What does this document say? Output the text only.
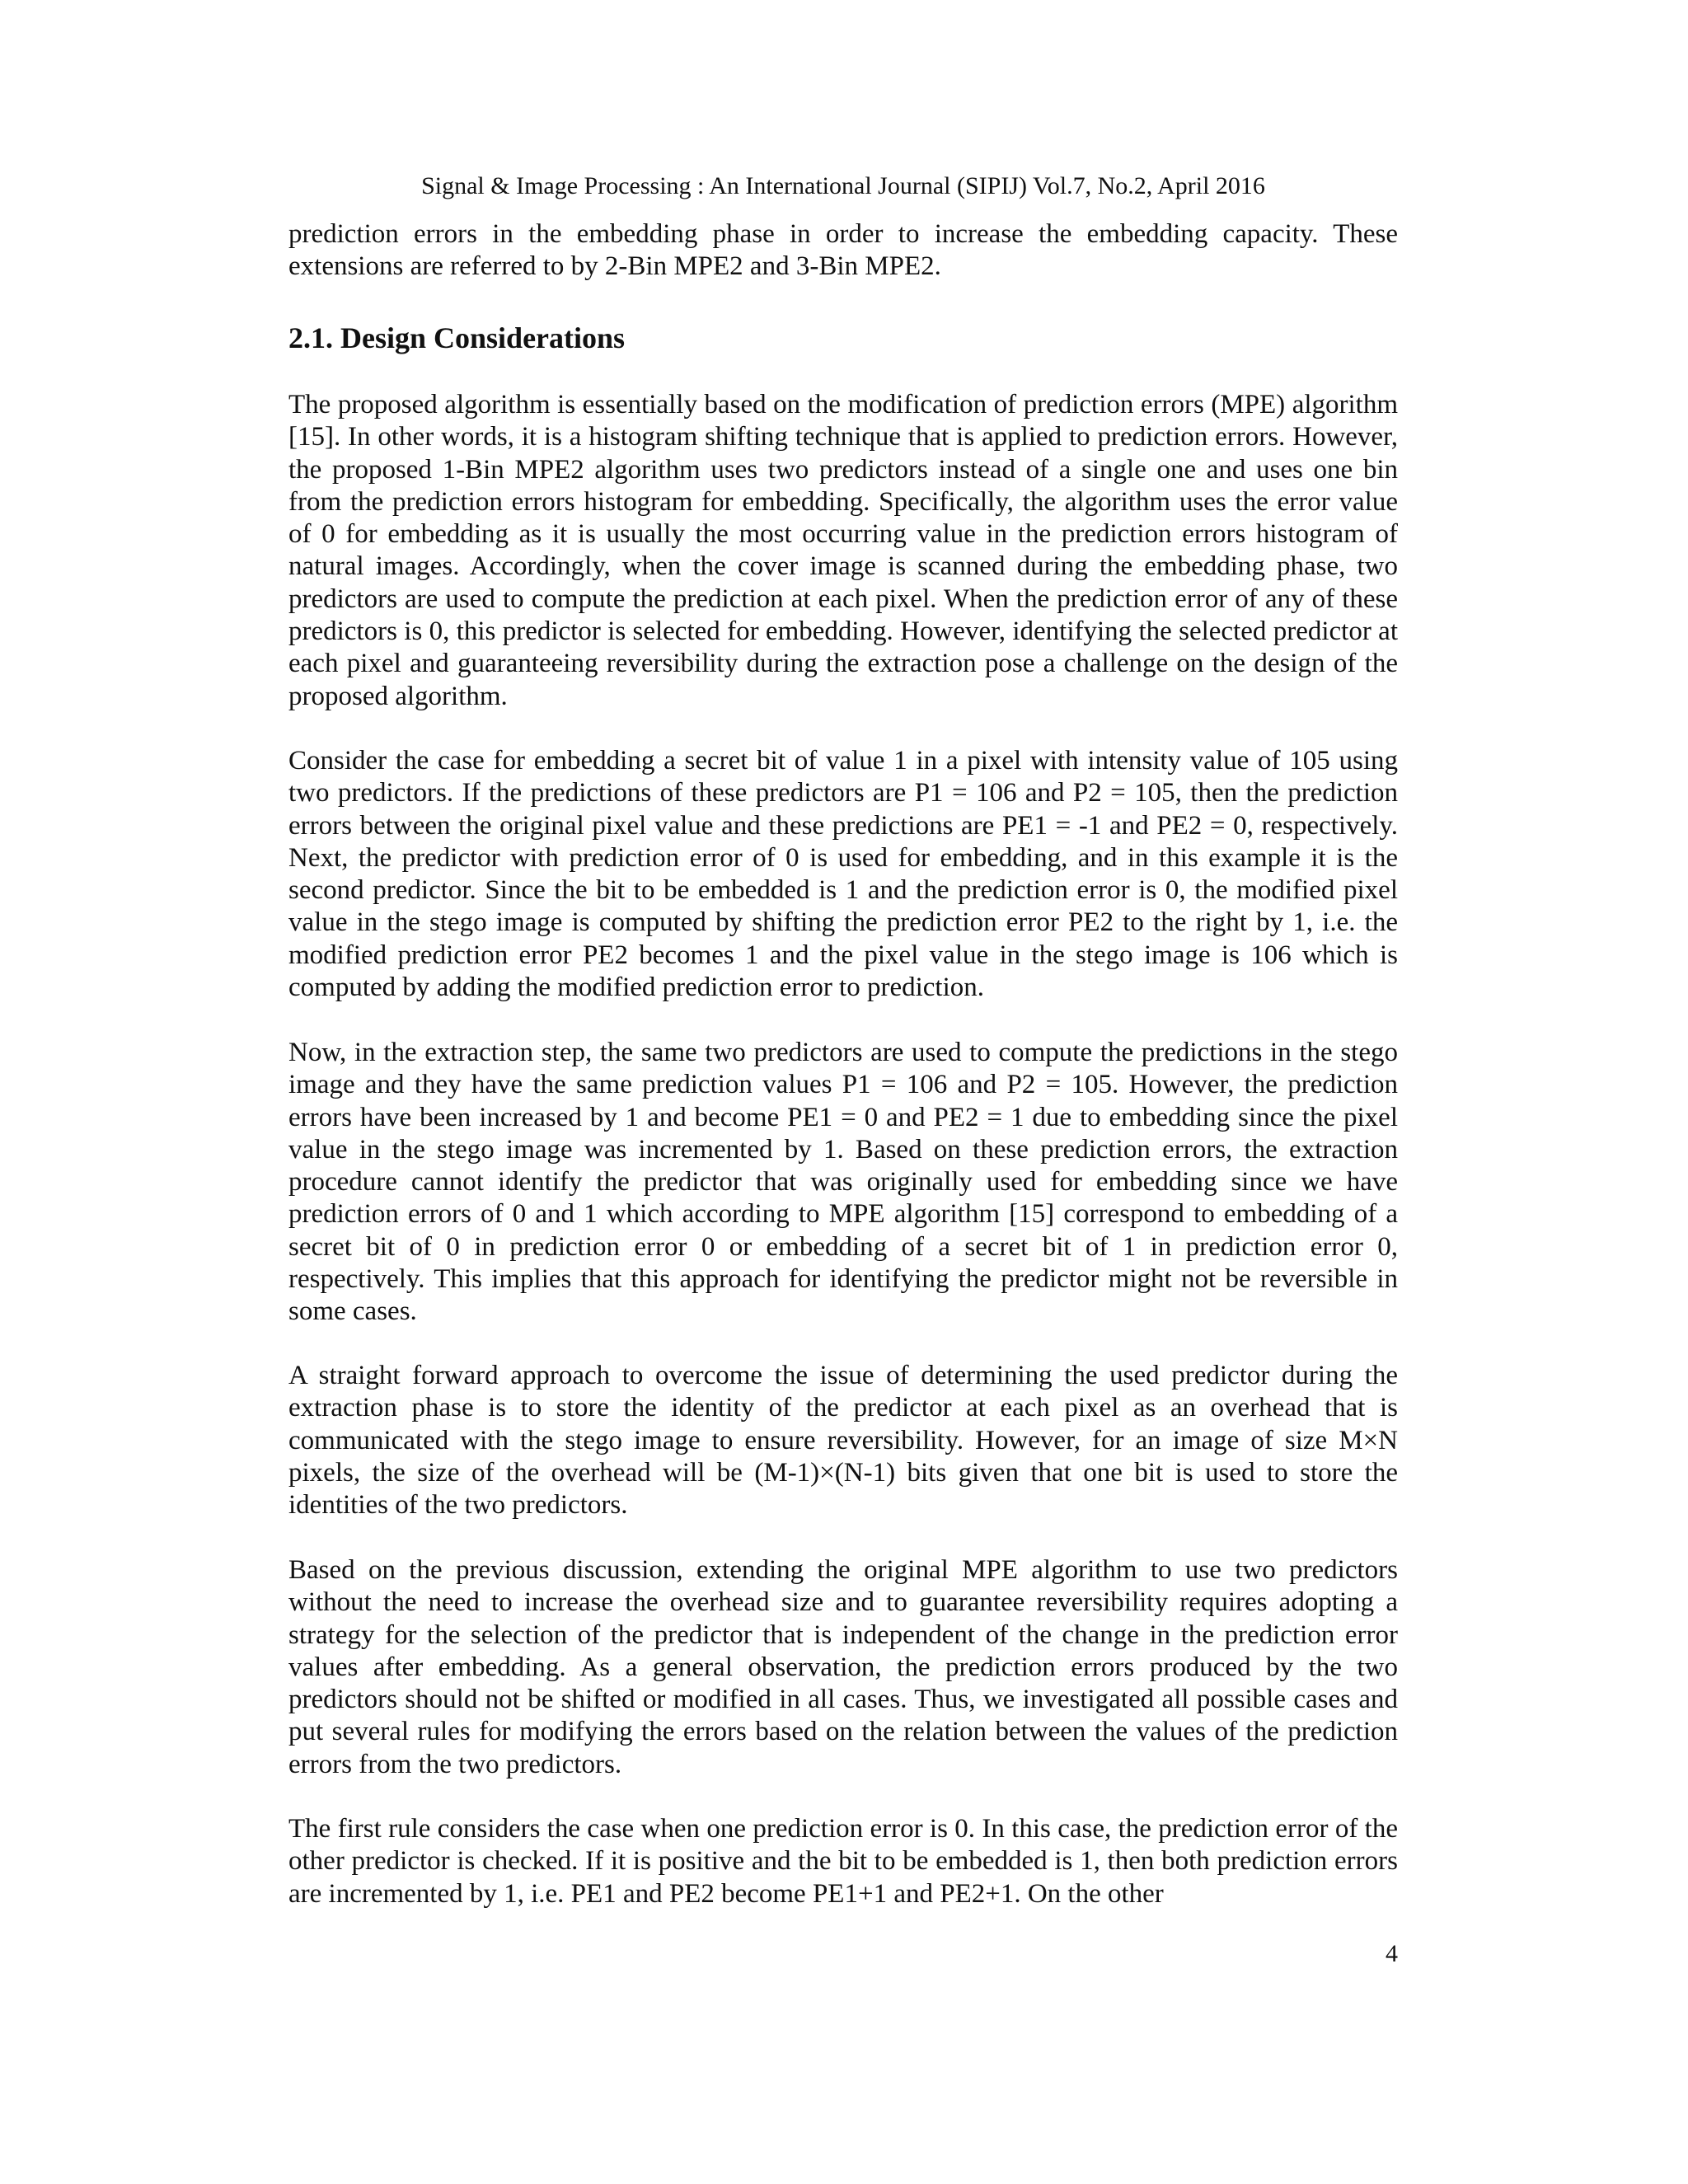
Signal & Image Processing : An International Journal (SIPIJ) Vol.7, No.2, April 2016

prediction errors in the embedding phase in order to increase the embedding capacity. These extensions are referred to by 2-Bin MPE2 and 3-Bin MPE2.

2.1. Design Considerations

The proposed algorithm is essentially based on the modification of prediction errors (MPE) algorithm [15]. In other words, it is a histogram shifting technique that is applied to prediction errors. However, the proposed 1-Bin MPE2 algorithm uses two predictors instead of a single one and uses one bin from the prediction errors histogram for embedding. Specifically, the algorithm uses the error value of 0 for embedding as it is usually the most occurring value in the prediction errors histogram of natural images. Accordingly, when the cover image is scanned during the embedding phase, two predictors are used to compute the prediction at each pixel. When the prediction error of any of these predictors is 0, this predictor is selected for embedding. However, identifying the selected predictor at each pixel and guaranteeing reversibility during the extraction pose a challenge on the design of the proposed algorithm.

Consider the case for embedding a secret bit of value 1 in a pixel with intensity value of 105 using two predictors. If the predictions of these predictors are P1 = 106 and P2 = 105, then the prediction errors between the original pixel value and these predictions are PE1 = -1 and PE2 = 0, respectively. Next, the predictor with prediction error of 0 is used for embedding, and in this example it is the second predictor. Since the bit to be embedded is 1 and the prediction error is 0, the modified pixel value in the stego image is computed by shifting the prediction error PE2 to the right by 1, i.e. the modified prediction error PE2 becomes 1 and the pixel value in the stego image is 106 which is computed by adding the modified prediction error to prediction.

Now, in the extraction step, the same two predictors are used to compute the predictions in the stego image and they have the same prediction values P1 = 106 and P2 = 105. However, the prediction errors have been increased by 1 and become PE1 = 0 and PE2 = 1 due to embedding since the pixel value in the stego image was incremented by 1. Based on these prediction errors, the extraction procedure cannot identify the predictor that was originally used for embedding since we have prediction errors of 0 and 1 which according to MPE algorithm [15] correspond to embedding of a secret bit of 0 in prediction error 0 or embedding of a secret bit of 1 in prediction error 0, respectively. This implies that this approach for identifying the predictor might not be reversible in some cases.

A straight forward approach to overcome the issue of determining the used predictor during the extraction phase is to store the identity of the predictor at each pixel as an overhead that is communicated with the stego image to ensure reversibility. However, for an image of size M×N pixels, the size of the overhead will be (M-1)×(N-1) bits given that one bit is used to store the identities of the two predictors.

Based on the previous discussion, extending the original MPE algorithm to use two predictors without the need to increase the overhead size and to guarantee reversibility requires adopting a strategy for the selection of the predictor that is independent of the change in the prediction error values after embedding. As a general observation, the prediction errors produced by the two predictors should not be shifted or modified in all cases. Thus, we investigated all possible cases and put several rules for modifying the errors based on the relation between the values of the prediction errors from the two predictors.

The first rule considers the case when one prediction error is 0. In this case, the prediction error of the other predictor is checked. If it is positive and the bit to be embedded is 1, then both prediction errors are incremented by 1, i.e. PE1 and PE2 become PE1+1 and PE2+1. On the other

4
